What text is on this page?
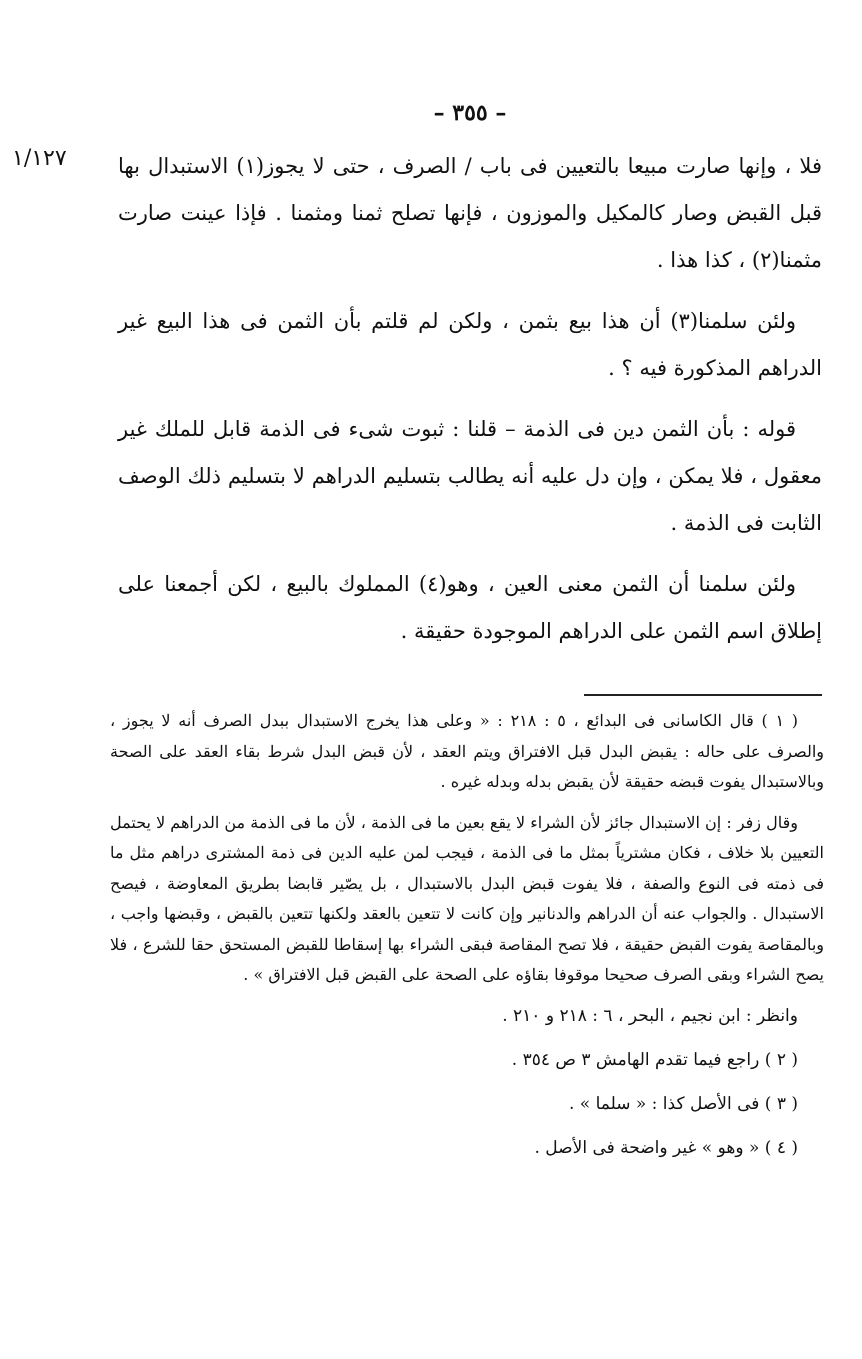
– ٣٥٥ –
١/١٢٧ فلا ، وإنها صارت مبيعا بالتعيين فى باب / الصرف ، حتى لا يجوز(١) الاستبدال بها قبل القبض وصار كالمكيل والموزون ، فإنها تصلح ثمنا ومثمنا . فإذا عينت صارت مثمنا(٢) ، كذا هذا .

ولئن سلمنا(٣) أن هذا بيع بثمن ، ولكن لم قلتم بأن الثمن فى هذا البيع غير الدراهم المذكورة فيه ؟ .

قوله : بأن الثمن دين فى الذمة – قلنا : ثبوت شىء فى الذمة قابل للملك غير معقول ، فلا يمكن ، وإن دل عليه أنه يطالب بتسليم الدراهم لا بتسليم ذلك الوصف الثابت فى الذمة .

ولئن سلمنا أن الثمن معنى العين ، وهو(٤) المملوك بالبيع ، لكن أجمعنا على إطلاق اسم الثمن على الدراهم الموجودة حقيقة .

( ١ ) قال الكاسانى فى البدائع ، ٥ : ٢١٨ : « وعلى هذا يخرج الاستبدال ببدل الصرف أنه لا يجوز ، والصرف على حاله : يقبض البدل قبل الافتراق ويتم العقد ، لأن قبض البدل شرط بقاء العقد على الصحة وبالاستبدال يفوت قبضه حقيقة لأن يقبض بدله وبدله غيره .

وقال زفر : إن الاستبدال جائز لأن الشراء لا يقع بعين ما فى الذمة ، لأن ما فى الذمة من الدراهم لا يحتمل التعيين بلا خلاف ، فكان مشترياً بمثل ما فى الذمة ، فيجب لمن عليه الدين فى ذمة المشترى دراهم مثل ما فى ذمته فى النوع والصفة ، فلا يفوت قبض البدل بالاستبدال ، بل يصّير قابضا بطريق المعاوضة ، فيصح الاستبدال . والجواب عنه أن الدراهم والدنانير وإن كانت لا تتعين بالعقد ولكنها تتعين بالقبض ، وقبضها واجب ، وبالمقاصة يفوت القبض حقيقة ، فلا تصح المقاصة فبقى الشراء بها إسقاطا للقبض المستحق حقا للشرع ، فلا يصح الشراء وبقى الصرف صحيحا موقوفا بقاؤه على الصحة على القبض قبل الافتراق » .

وانظر : ابن نجيم ، البحر ، ٦ : ٢١٨ و ٢١٠ .

( ٢ ) راجع فيما تقدم الهامش ٣ ص ٣٥٤ .

( ٣ ) فى الأصل كذا : « سلما » .

( ٤ ) « وهو » غير واضحة فى الأصل .
